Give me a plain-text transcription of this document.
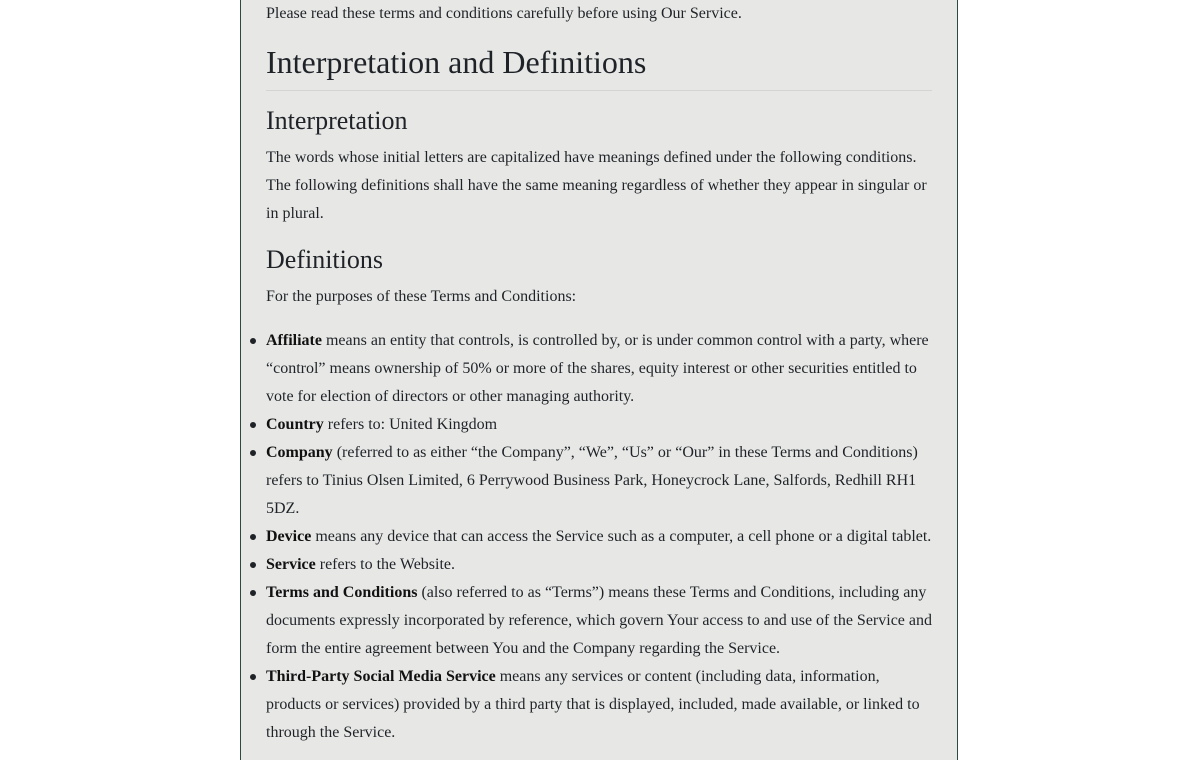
Please read these terms and conditions carefully before using Our Service.

Interpretation and Definitions
Interpretation

The words whose initial letters are capitalized have meanings defined under the following conditions. The following definitions shall have the same meaning regardless of whether they appear in singular or in plural.

Definitions

For the purposes of these Terms and Conditions:

Affiliate means an entity that controls, is controlled by, or is under common control with a party, where “control” means ownership of 50% or more of the shares, equity interest or other securities entitled to vote for election of directors or other managing authority.
Country refers to: United Kingdom
Company (referred to as either “the Company”, “We”, “Us” or “Our” in these Terms and Conditions) refers to Tinius Olsen Limited, 6 Perrywood Business Park, Honeycrock Lane, Salfords, Redhill RH1 5DZ.
Device means any device that can access the Service such as a computer, a cell phone or a digital tablet.
Service refers to the Website.
Terms and Conditions (also referred to as “Terms”) means these Terms and Conditions, including any documents expressly incorporated by reference, which govern Your access to and use of the Service and form the entire agreement between You and the Company regarding the Service.
Third-Party Social Media Service means any services or content (including data, information, products or services) provided by a third party that is displayed, included, made available, or linked to through the Service.
